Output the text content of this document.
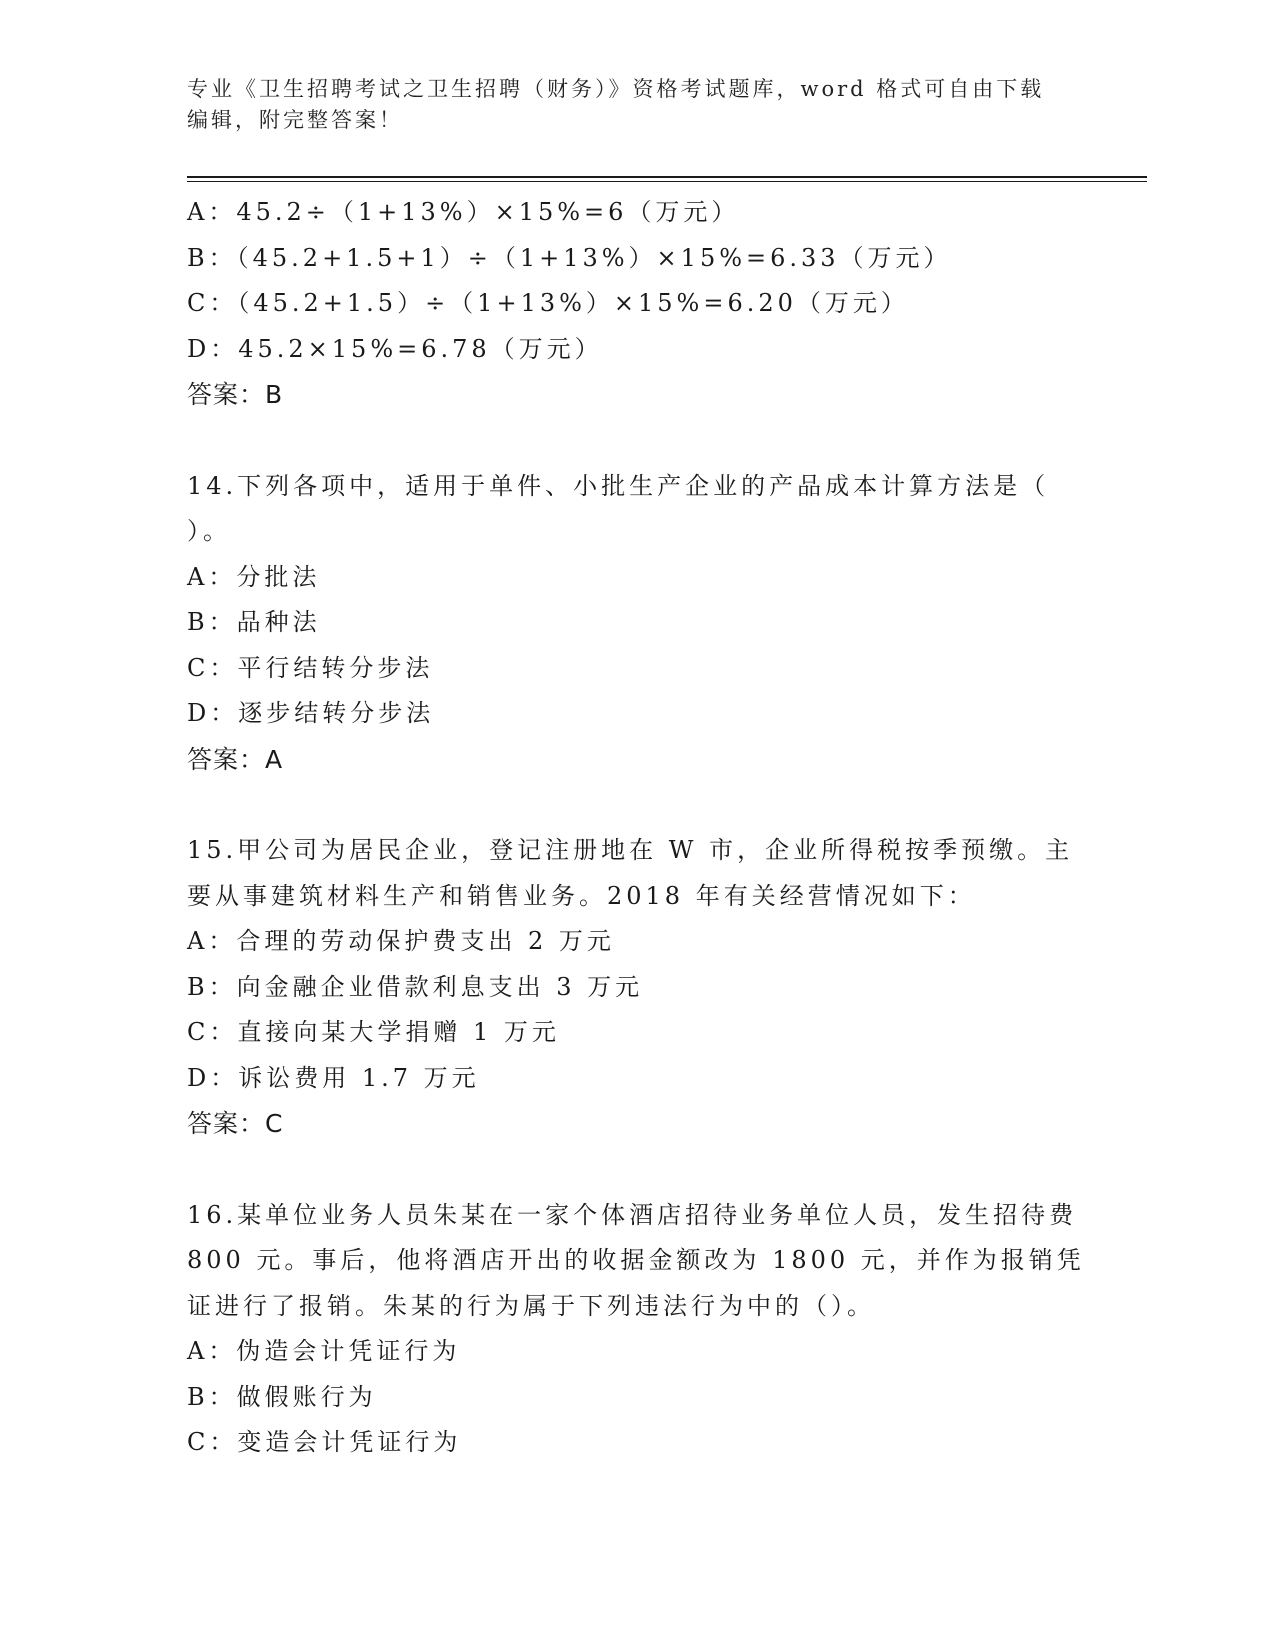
专业《卫生招聘考试之卫生招聘（财务）》资格考试题库，word 格式可自由下载编辑，附完整答案！
A：45.2÷（1+13%）×15%=6（万元）
B：（45.2+1.5+1）÷（1+13%）×15%=6.33（万元）
C：（45.2+1.5）÷（1+13%）×15%=6.20（万元）
D：45.2×15%=6.78（万元）
答案：B
14.下列各项中，适用于单件、小批生产企业的产品成本计算方法是（ ）。
A：分批法
B：品种法
C：平行结转分步法
D：逐步结转分步法
答案：A
15.甲公司为居民企业，登记注册地在 W 市，企业所得税按季预缴。主要从事建筑材料生产和销售业务。2018 年有关经营情况如下：
A：合理的劳动保护费支出 2 万元
B：向金融企业借款利息支出 3 万元
C：直接向某大学捐赠 1 万元
D：诉讼费用 1.7 万元
答案：C
16.某单位业务人员朱某在一家个体酒店招待业务单位人员，发生招待费 800 元。事后，他将酒店开出的收据金额改为 1800 元，并作为报销凭证进行了报销。朱某的行为属于下列违法行为中的（）。
A：伪造会计凭证行为
B：做假账行为
C：变造会计凭证行为
